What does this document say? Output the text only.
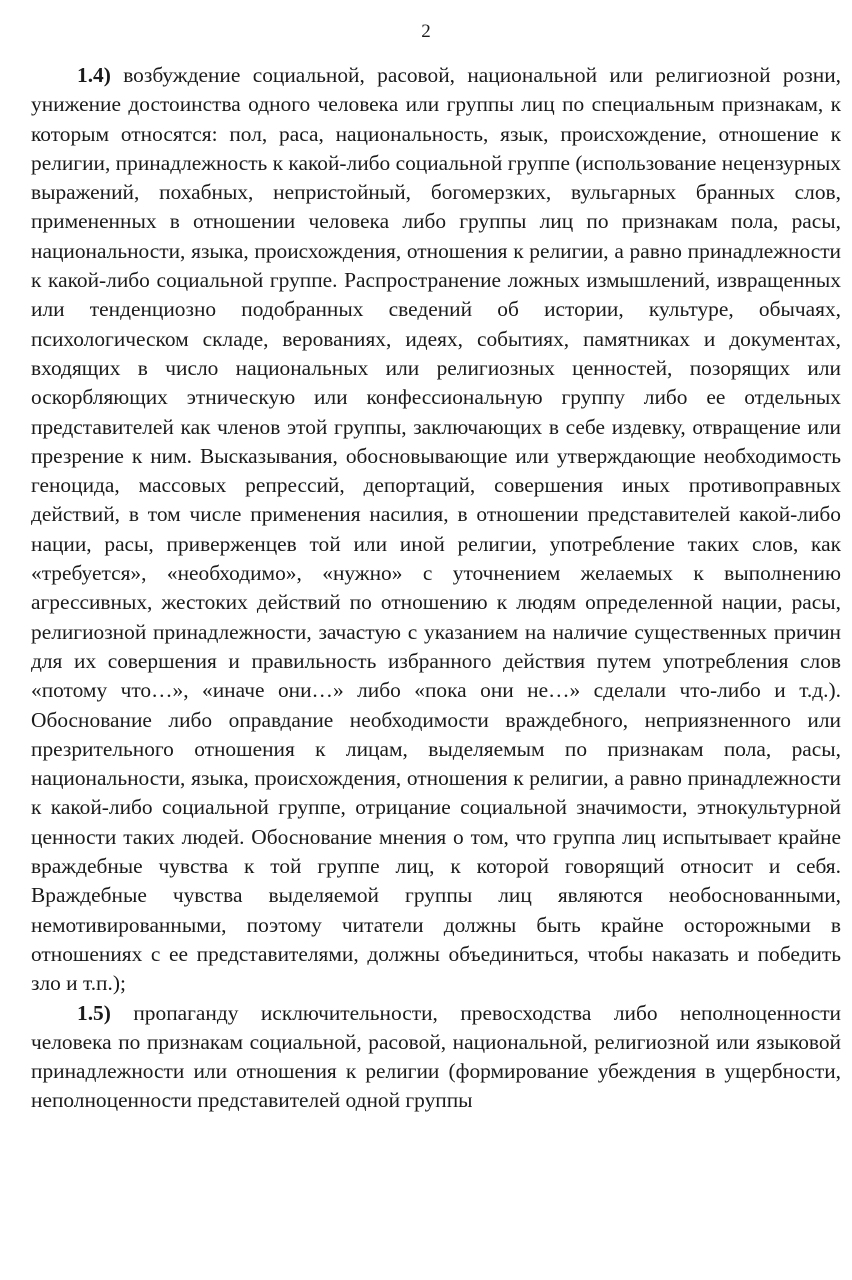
2

1.4) возбуждение социальной, расовой, национальной или религиозной розни, унижение достоинства одного человека или группы лиц по специальным признакам, к которым относятся: пол, раса, национальность, язык, происхождение, отношение к религии, принадлежность к какой-либо социальной группе (использование нецензурных выражений, похабных, непристойный, богомерзких, вульгарных бранных слов, примененных в отношении человека либо группы лиц по признакам пола, расы, национальности, языка, происхождения, отношения к религии, а равно принадлежности к какой-либо социальной группе. Распространение ложных измышлений, извращенных или тенденциозно подобранных сведений об истории, культуре, обычаях, психологическом складе, верованиях, идеях, событиях, памятниках и документах, входящих в число национальных или религиозных ценностей, позорящих или оскорбляющих этническую или конфессиональную группу либо ее отдельных представителей как членов этой группы, заключающих в себе издевку, отвращение или презрение к ним. Высказывания, обосновывающие или утверждающие необходимость геноцида, массовых репрессий, депортаций, совершения иных противоправных действий, в том числе применения насилия, в отношении представителей какой-либо нации, расы, приверженцев той или иной религии, употребление таких слов, как «требуется», «необходимо», «нужно» с уточнением желаемых к выполнению агрессивных, жестоких действий по отношению к людям определенной нации, расы, религиозной принадлежности, зачастую с указанием на наличие существенных причин для их совершения и правильность избранного действия путем употребления слов «потому что…», «иначе они…» либо «пока они не…» сделали что-либо и т.д.). Обоснование либо оправдание необходимости враждебного, неприязненного или презрительного отношения к лицам, выделяемым по признакам пола, расы, национальности, языка, происхождения, отношения к религии, а равно принадлежности к какой-либо социальной группе, отрицание социальной значимости, этнокультурной ценности таких людей. Обоснование мнения о том, что группа лиц испытывает крайне враждебные чувства к той группе лиц, к которой говорящий относит и себя. Враждебные чувства выделяемой группы лиц являются необоснованными, немотивированными, поэтому читатели должны быть крайне осторожными в отношениях с ее представителями, должны объединиться, чтобы наказать и победить зло и т.п.);

1.5) пропаганду исключительности, превосходства либо неполноценности человека по признакам социальной, расовой, национальной, религиозной или языковой принадлежности или отношения к религии (формирование убеждения в ущербности, неполноценности представителей одной группы
